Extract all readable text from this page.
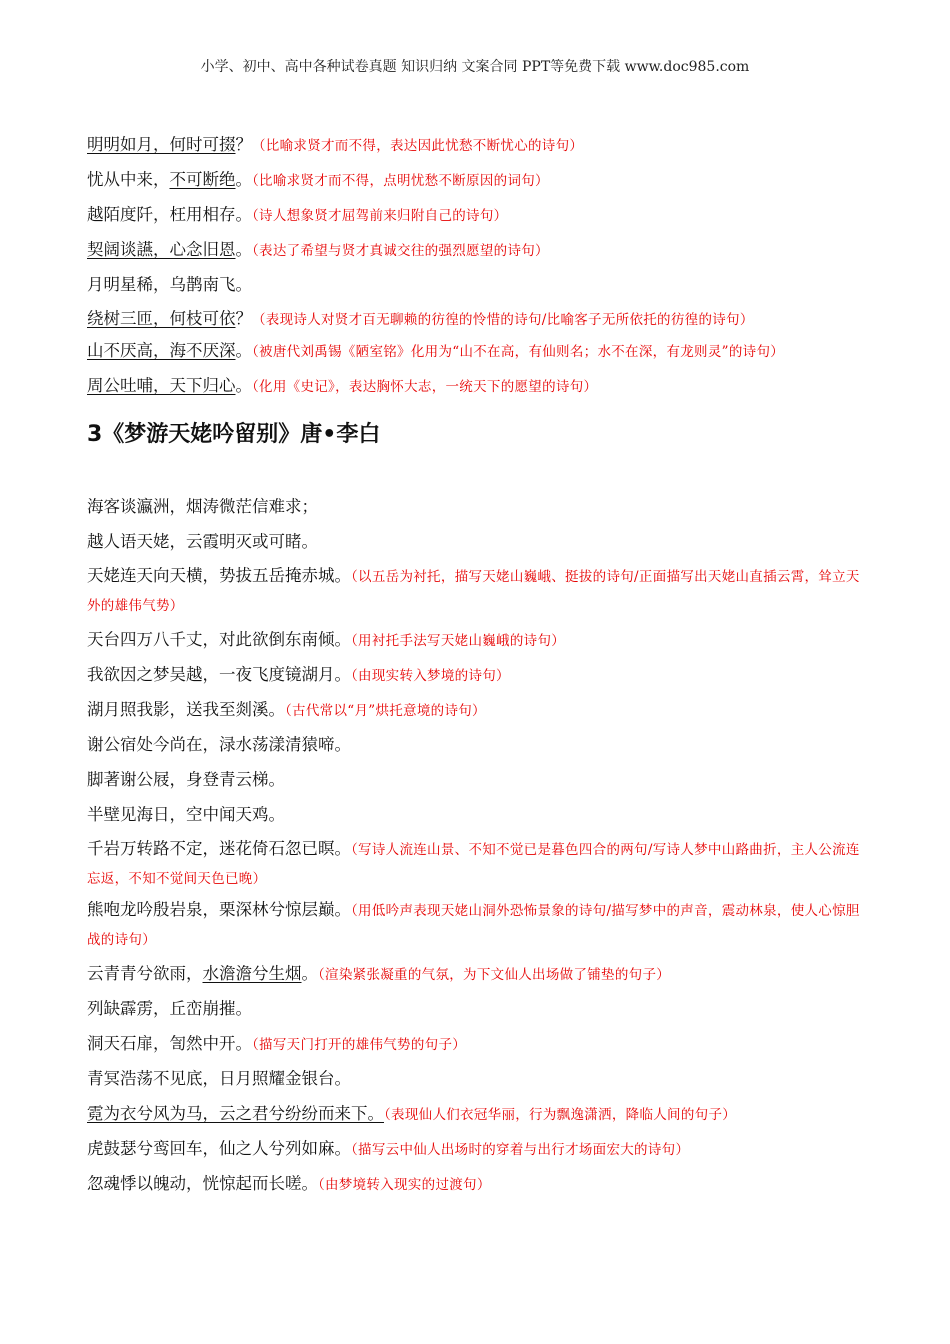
小学、初中、高中各种试卷真题 知识归纳 文案合同 PPT等免费下载 www.doc985.com
明明如月，何时可掇？（比喻求贤才而不得，表达因此忧愁不断忧心的诗句）
忧从中来，不可断绝。（比喻求贤才而不得，点明忧愁不断原因的词句）
越陌度阡，枉用相存。（诗人想象贤才屈驾前来归附自己的诗句）
契阔谈讌，心念旧恩。（表达了希望与贤才真诚交往的强烈愿望的诗句）
月明星稀，乌鹊南飞。
绕树三匝，何枝可依？（表现诗人对贤才百无聊赖的彷徨的怜惜的诗句/比喻客子无所依托的彷徨的诗句）
山不厌高，海不厌深。（被唐代刘禹锡《陋室铭》化用为“山不在高，有仙则名；水不在深，有龙则灵”的诗句）
周公吐哺，天下归心。（化用《史记》，表达胸怀大志，一统天下的愿望的诗句）
3《梦游天姥吟留别》唐•李白
海客谈瀛洲，烟涛微茫信难求；
越人语天姥，云霞明灭或可睹。
天姥连天向天横，势拔五岳掩赤城。（以五岳为衬托，描写天姥山巍峨、挺拔的诗句/正面描写出天姥山直插云霄，耸立天外的雄伟气势）
天台四万八千丈，对此欲倒东南倾。（用衬托手法写天姥山巍峨的诗句）
我欲因之梦吴越，一夜飞度镜湖月。（由现实转入梦境的诗句）
湖月照我影，送我至剡溪。（古代常以“月”烘托意境的诗句）
谢公宿处今尚在，渌水荡漾清猿啼。
脚著谢公屐，身登青云梯。
半壁见海日，空中闻天鸡。
千岩万转路不定，迷花倚石忽已暝。（写诗人流连山景、不知不觉已是暮色四合的两句/写诗人梦中山路曲折，主人公流连忘返，不知不觉间天色已晚）
熊咆龙吟殷岩泉，栗深林兮惊层巅。（用低吟声表现天姥山洞外恐怖景象的诗句/描写梦中的声音，震动林泉，使人心惊胆战的诗句）
云青青兮欲雨，水澹澹兮生烟。（渲染紧张凝重的气氛，为下文仙人出场做了铺垫的句子）
列缺霹雳，丘峦崩摧。
洞天石扉，訇然中开。（描写天门打开的雄伟气势的句子）
青冥浩荡不见底，日月照耀金银台。
霓为衣兮风为马，云之君兮纷纷而来下。（表现仙人们衣冠华丽，行为飘逸潇洒，降临人间的句子）
虎鼓瑟兮鸾回车，仙之人兮列如麻。（描写云中仙人出场时的穿着与出行才场面宏大的诗句）
忽魂悸以魄动，恍惊起而长嗟。（由梦境转入现实的过渡句）
